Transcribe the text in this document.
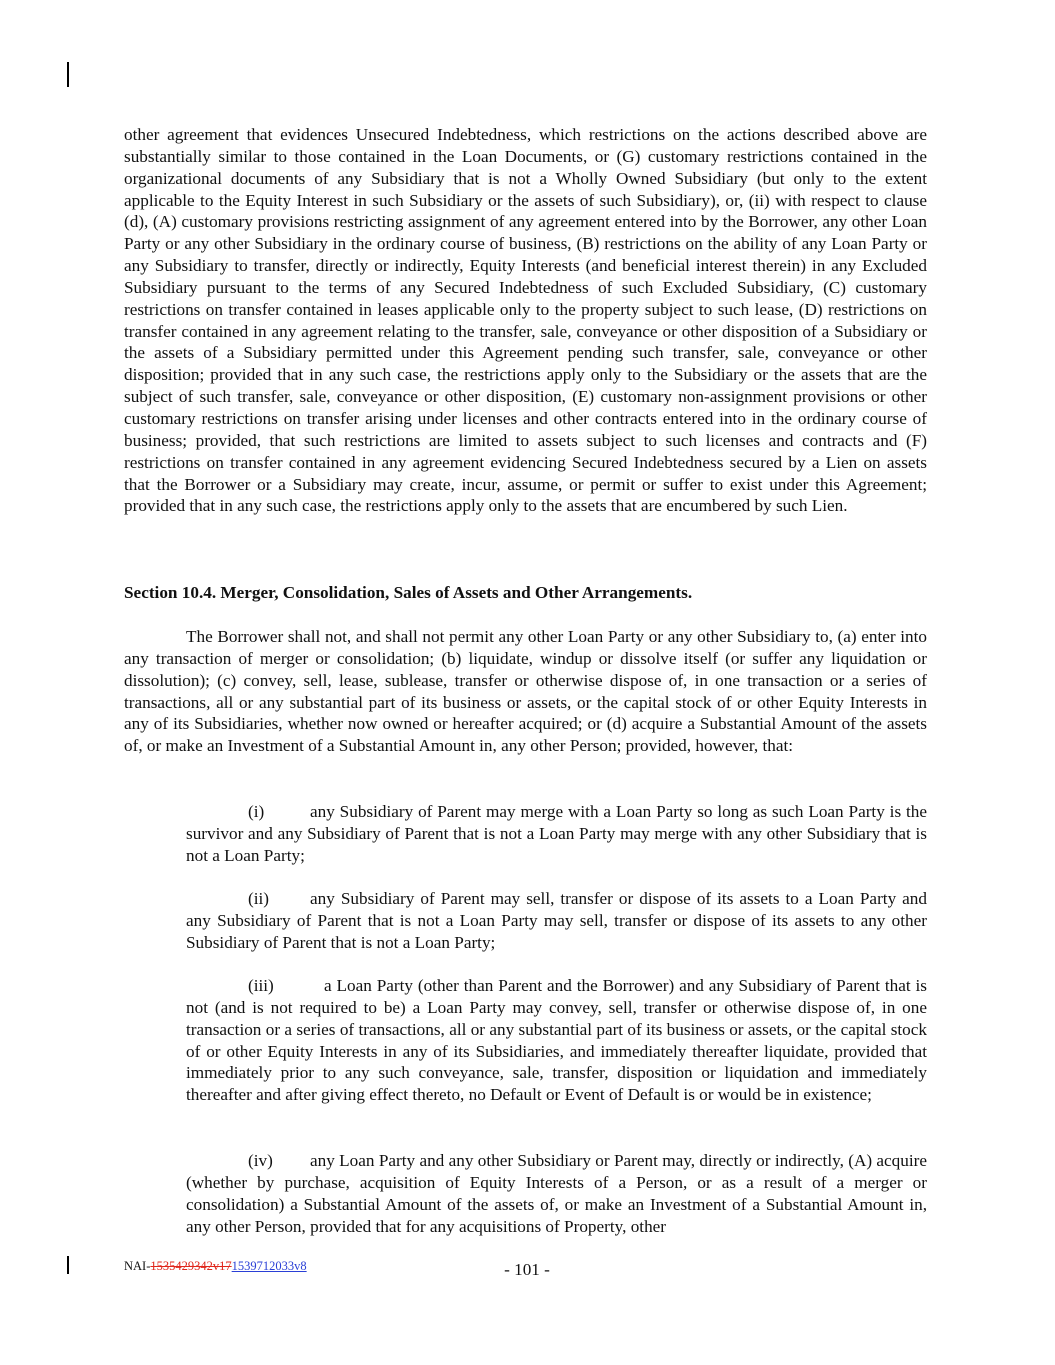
other agreement that evidences Unsecured Indebtedness, which restrictions on the actions described above are substantially similar to those contained in the Loan Documents, or (G) customary restrictions contained in the organizational documents of any Subsidiary that is not a Wholly Owned Subsidiary (but only to the extent applicable to the Equity Interest in such Subsidiary or the assets of such Subsidiary), or, (ii) with respect to clause (d), (A) customary provisions restricting assignment of any agreement entered into by the Borrower, any other Loan Party or any other Subsidiary in the ordinary course of business, (B) restrictions on the ability of any Loan Party or any Subsidiary to transfer, directly or indirectly, Equity Interests (and beneficial interest therein) in any Excluded Subsidiary pursuant to the terms of any Secured Indebtedness of such Excluded Subsidiary, (C) customary restrictions on transfer contained in leases applicable only to the property subject to such lease, (D) restrictions on transfer contained in any agreement relating to the transfer, sale, conveyance or other disposition of a Subsidiary or the assets of a Subsidiary permitted under this Agreement pending such transfer, sale, conveyance or other disposition; provided that in any such case, the restrictions apply only to the Subsidiary or the assets that are the subject of such transfer, sale, conveyance or other disposition, (E) customary non-assignment provisions or other customary restrictions on transfer arising under licenses and other contracts entered into in the ordinary course of business; provided, that such restrictions are limited to assets subject to such licenses and contracts and (F) restrictions on transfer contained in any agreement evidencing Secured Indebtedness secured by a Lien on assets that the Borrower or a Subsidiary may create, incur, assume, or permit or suffer to exist under this Agreement; provided that in any such case, the restrictions apply only to the assets that are encumbered by such Lien.

Section 10.4. Merger, Consolidation, Sales of Assets and Other Arrangements.

The Borrower shall not, and shall not permit any other Loan Party or any other Subsidiary to, (a) enter into any transaction of merger or consolidation; (b) liquidate, windup or dissolve itself (or suffer any liquidation or dissolution); (c) convey, sell, lease, sublease, transfer or otherwise dispose of, in one transaction or a series of transactions, all or any substantial part of its business or assets, or the capital stock of or other Equity Interests in any of its Subsidiaries, whether now owned or hereafter acquired; or (d) acquire a Substantial Amount of the assets of, or make an Investment of a Substantial Amount in, any other Person; provided, however, that:

(i)	any Subsidiary of Parent may merge with a Loan Party so long as such Loan Party is the survivor and any Subsidiary of Parent that is not a Loan Party may merge with any other Subsidiary that is not a Loan Party;

(ii) any Subsidiary of Parent may sell, transfer or dispose of its assets to a Loan Party and any Subsidiary of Parent that is not a Loan Party may sell, transfer or dispose of its assets to any other Subsidiary of Parent that is not a Loan Party;

(iii)	a Loan Party (other than Parent and the Borrower) and any Subsidiary of Parent that is not (and is not required to be) a Loan Party may convey, sell, transfer or otherwise dispose of, in one transaction or a series of transactions, all or any substantial part of its business or assets, or the capital stock of or other Equity Interests in any of its Subsidiaries, and immediately thereafter liquidate, provided that immediately prior to any such conveyance, sale, transfer, disposition or liquidation and immediately thereafter and after giving effect thereto, no Default or Event of Default is or would be in existence;

(iv) any Loan Party and any other Subsidiary or Parent may, directly or indirectly, (A) acquire (whether by purchase, acquisition of Equity Interests of a Person, or as a result of a merger or consolidation) a Substantial Amount of the assets of, or make an Investment of a Substantial Amount in, any other Person, provided that for any acquisitions of Property, other

NAI-1535429342v171539712033v8	- 101 -
